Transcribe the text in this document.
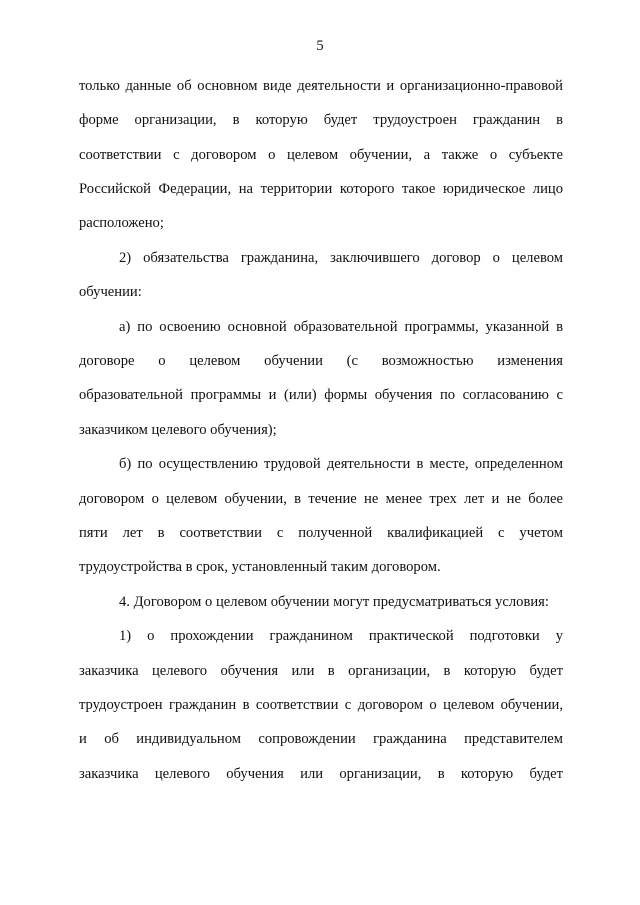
5
только данные об основном виде деятельности и организационно-правовой
форме организации, в которую будет трудоустроен гражданин в
соответствии с договором о целевом обучении, а также о субъекте
Российской Федерации, на территории которого такое юридическое лицо
расположено;
2) обязательства гражданина, заключившего договор о целевом
обучении:
а) по освоению основной образовательной программы, указанной в
договоре о целевом обучении (с возможностью изменения
образовательной программы и (или) формы обучения по согласованию с
заказчиком целевого обучения);
б) по осуществлению трудовой деятельности в месте, определенном
договором о целевом обучении, в течение не менее трех лет и не более
пяти лет в соответствии с полученной квалификацией с учетом
трудоустройства в срок, установленный таким договором.
4. Договором о целевом обучении могут предусматриваться условия:
1) о прохождении гражданином практической подготовки у
заказчика целевого обучения или в организации, в которую будет
трудоустроен гражданин в соответствии с договором о целевом обучении,
и об индивидуальном сопровождении гражданина представителем
заказчика целевого обучения или организации, в которую будет
